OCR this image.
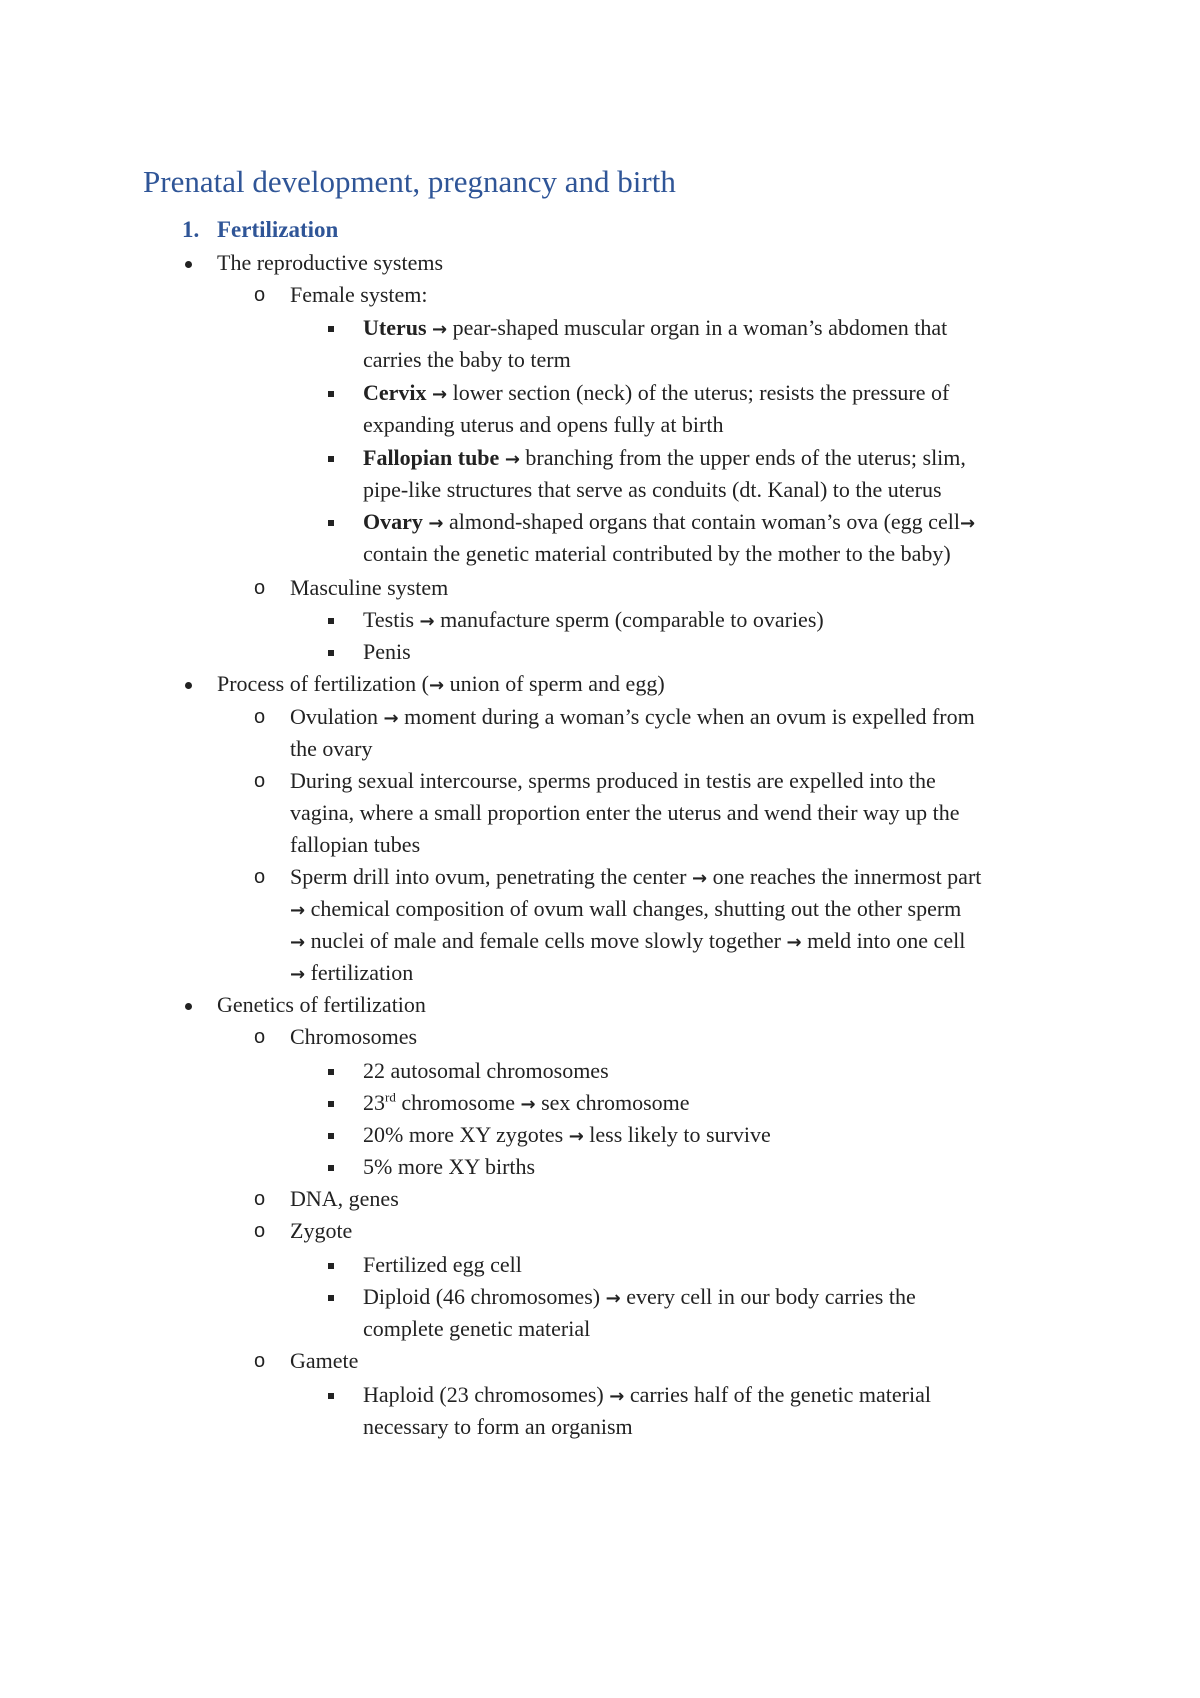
Prenatal development, pregnancy and birth
1. Fertilization
The reproductive systems
o Female system:
Uterus → pear-shaped muscular organ in a woman’s abdomen that
carries the baby to term
Cervix → lower section (neck) of the uterus; resists the pressure of
expanding uterus and opens fully at birth
Fallopian tube → branching from the upper ends of the uterus; slim,
pipe-like structures that serve as conduits (dt. Kanal) to the uterus
Ovary → almond-shaped organs that contain woman’s ova (egg cell→
contain the genetic material contributed by the mother to the baby)
o Masculine system
Testis → manufacture sperm (comparable to ovaries)
Penis
Process of fertilization (→ union of sperm and egg)
o Ovulation → moment during a woman’s cycle when an ovum is expelled from
the ovary
o During sexual intercourse, sperms produced in testis are expelled into the
vagina, where a small proportion enter the uterus and wend their way up the
fallopian tubes
o Sperm drill into ovum, penetrating the center → one reaches the innermost part
→ chemical composition of ovum wall changes, shutting out the other sperm
→ nuclei of male and female cells move slowly together → meld into one cell
→ fertilization
Genetics of fertilization
o Chromosomes
22 autosomal chromosomes
23rd chromosome → sex chromosome
20% more XY zygotes → less likely to survive
5% more XY births
o DNA, genes
o Zygote
Fertilized egg cell
Diploid (46 chromosomes) → every cell in our body carries the
complete genetic material
o Gamete
Haploid (23 chromosomes) → carries half of the genetic material
necessary to form an organism
